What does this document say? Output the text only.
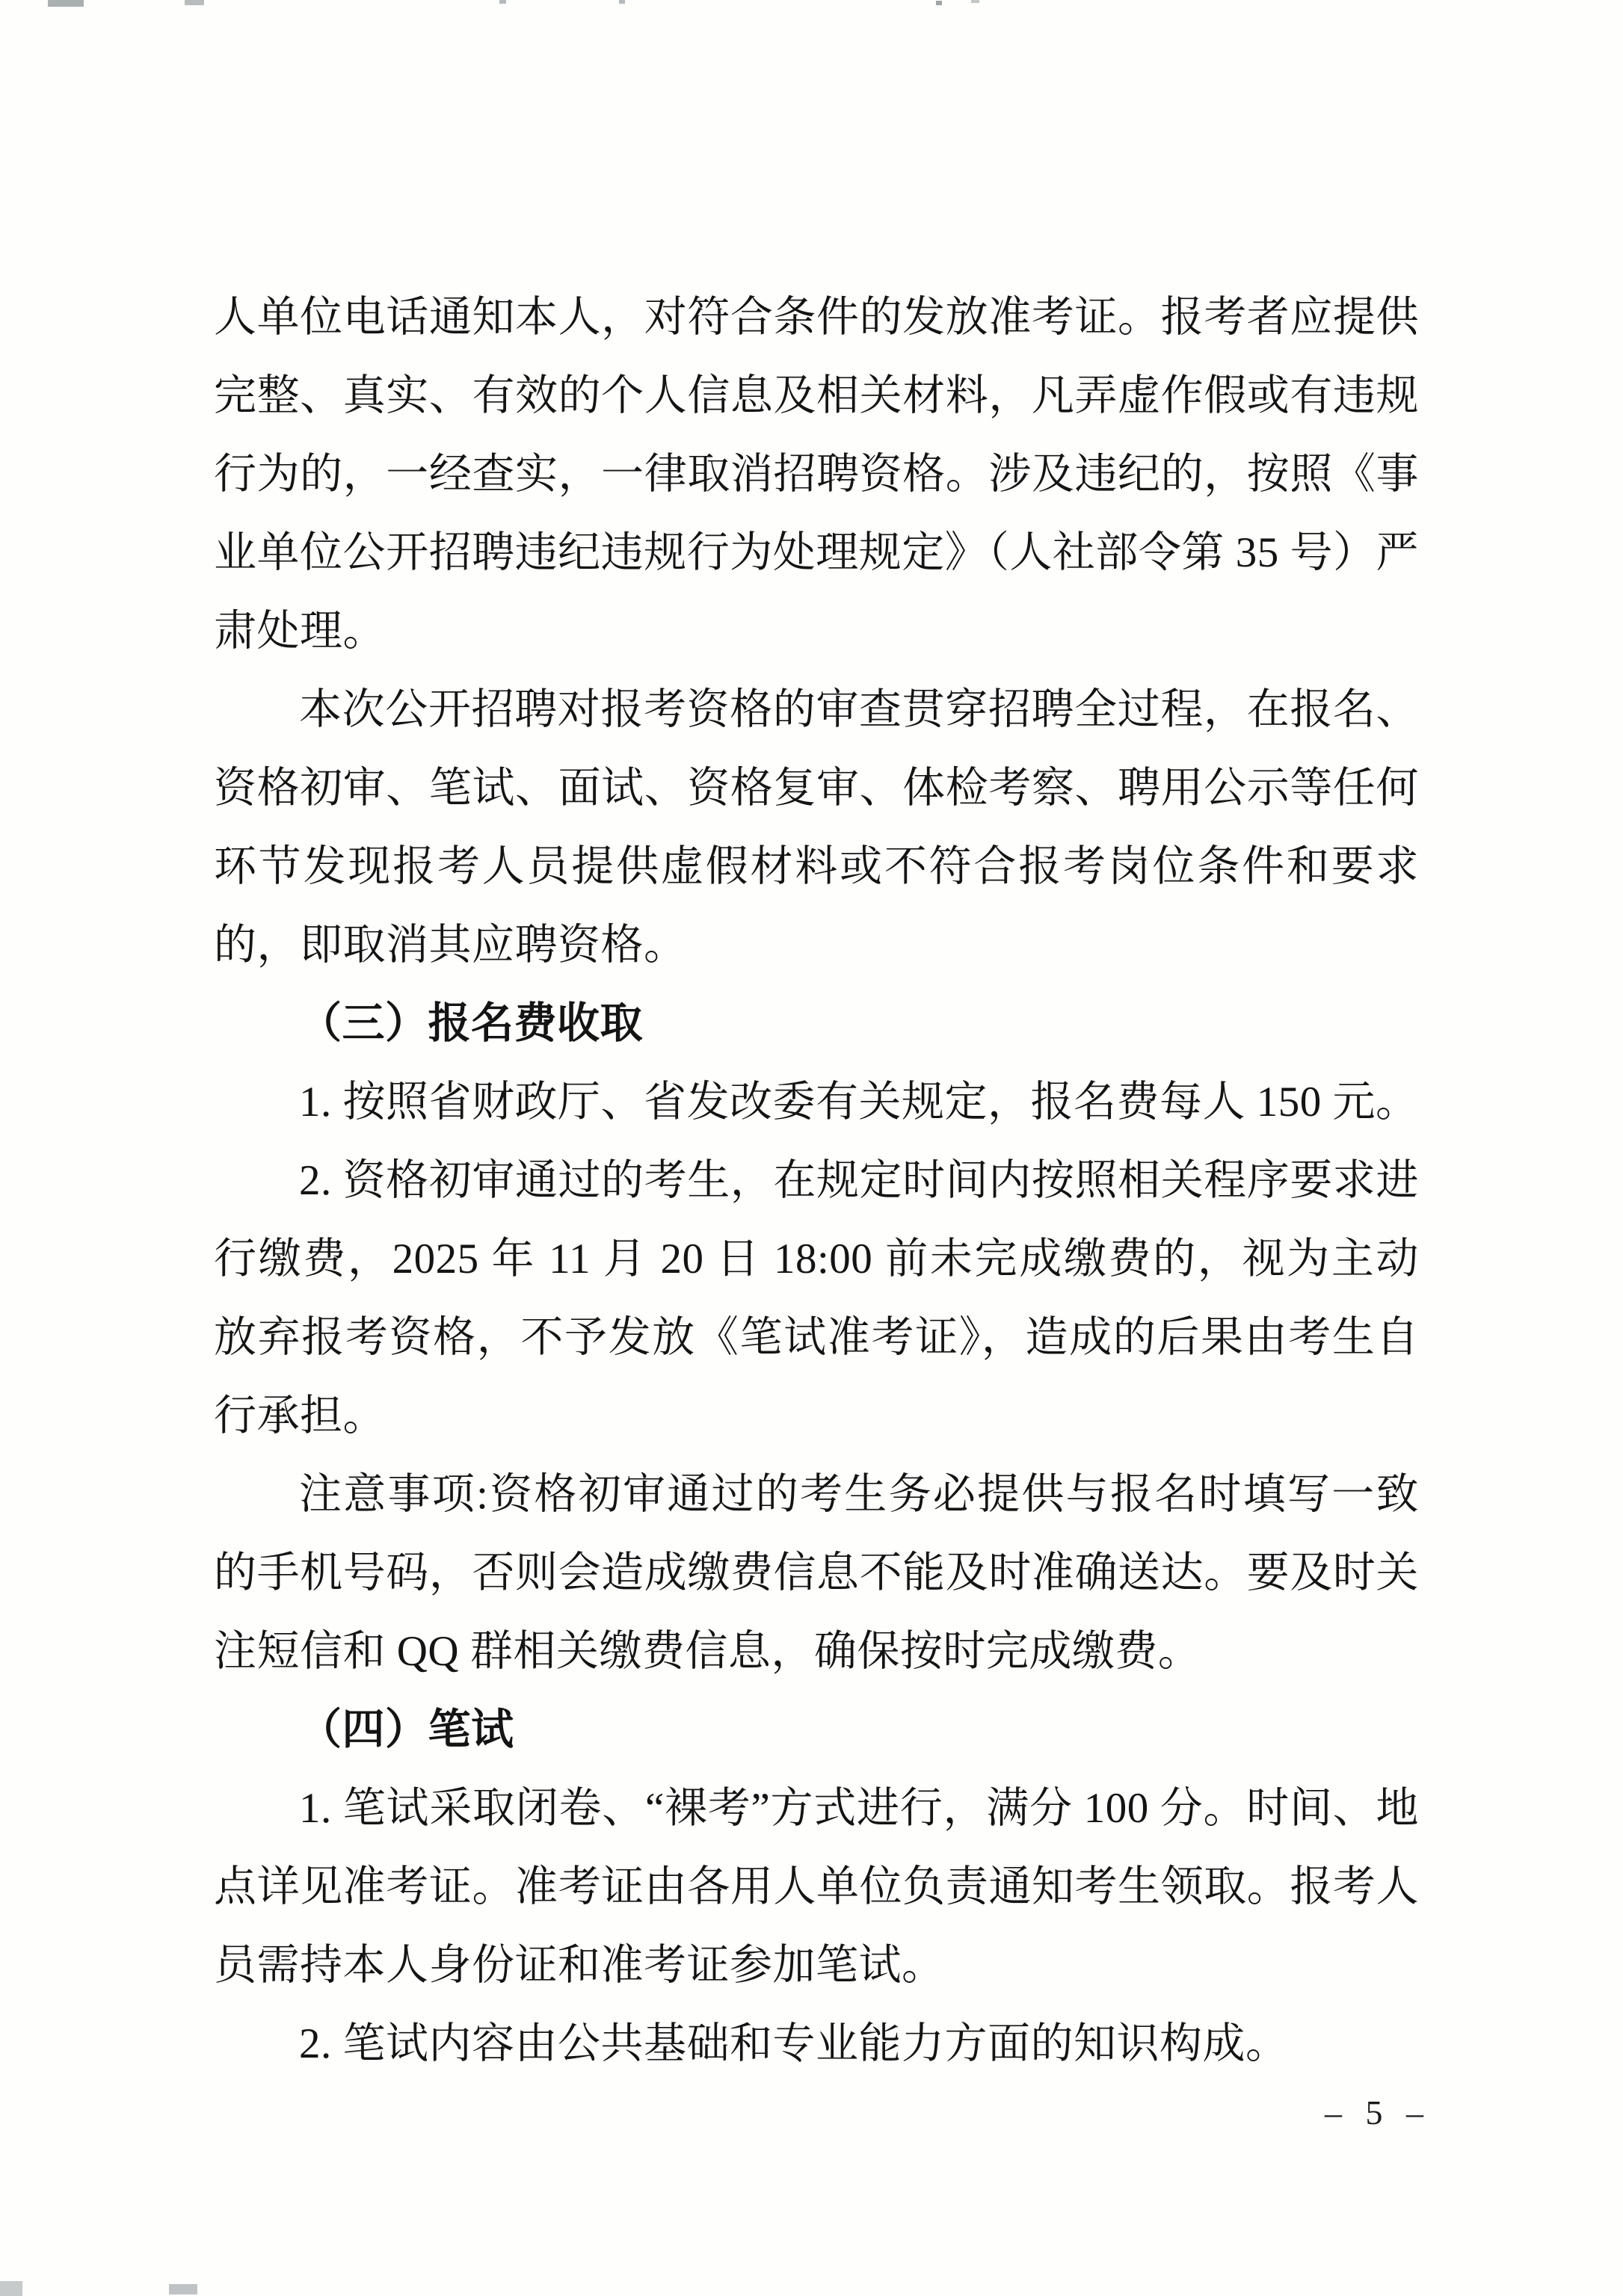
人单位电话通知本人，对符合条件的发放准考证。报考者应提供完整、真实、有效的个人信息及相关材料，凡弄虚作假或有违规行为的，一经查实，一律取消招聘资格。涉及违纪的，按照《事业单位公开招聘违纪违规行为处理规定》（人社部令第 35 号）严肃处理。

本次公开招聘对报考资格的审查贯穿招聘全过程，在报名、资格初审、笔试、面试、资格复审、体检考察、聘用公示等任何环节发现报考人员提供虚假材料或不符合报考岗位条件和要求的，即取消其应聘资格。

（三）报名费收取

1. 按照省财政厅、省发改委有关规定，报名费每人 150 元。

2. 资格初审通过的考生，在规定时间内按照相关程序要求进行缴费，2025 年 11 月 20 日 18:00 前未完成缴费的，视为主动放弃报考资格，不予发放《笔试准考证》，造成的后果由考生自行承担。

注意事项:资格初审通过的考生务必提供与报名时填写一致的手机号码，否则会造成缴费信息不能及时准确送达。要及时关注短信和 QQ 群相关缴费信息，确保按时完成缴费。

（四）笔试

1. 笔试采取闭卷、“裸考”方式进行，满分 100 分。时间、地点详见准考证。准考证由各用人单位负责通知考生领取。报考人员需持本人身份证和准考证参加笔试。

2. 笔试内容由公共基础和专业能力方面的知识构成。

– 5 –
